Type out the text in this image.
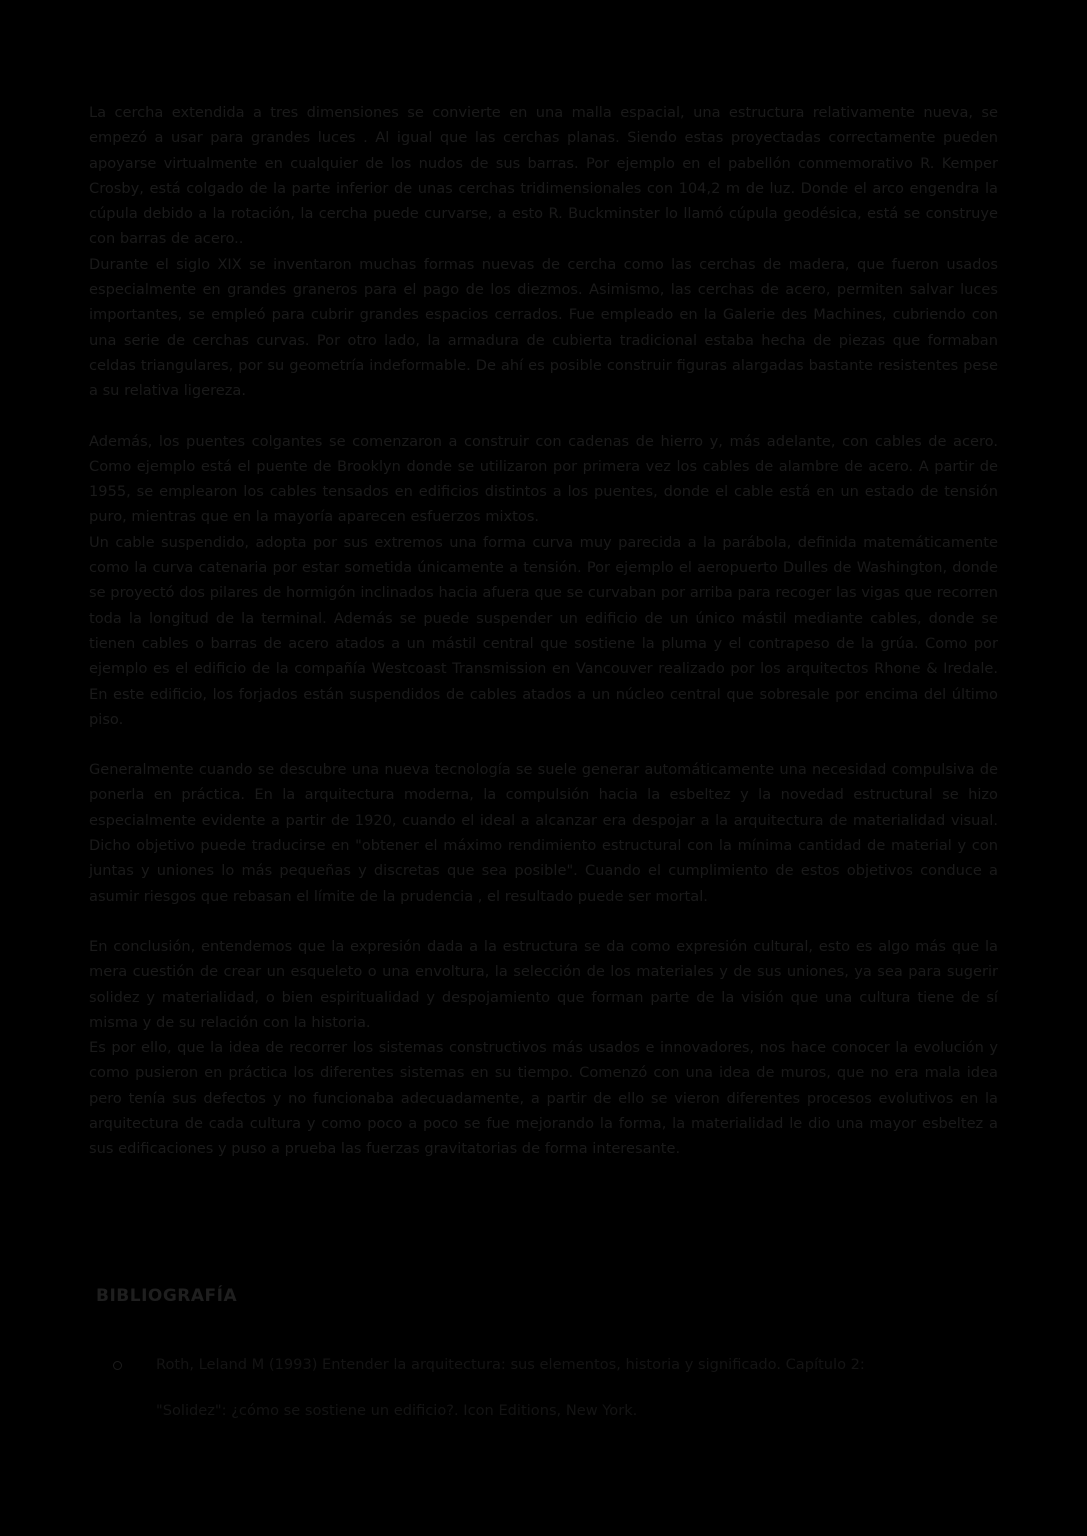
La cercha extendida a tres dimensiones se convierte en una malla espacial, una estructura relativamente nueva, se empezó a usar para grandes luces . Al igual que las cerchas planas. Siendo estas proyectadas correctamente pueden apoyarse virtualmente en cualquier de los nudos de sus barras. Por ejemplo en el pabellón conmemorativo R. Kemper Crosby, está colgado de la parte inferior de unas cerchas tridimensionales con 104,2 m de luz. Donde el arco engendra la cúpula debido a la rotación, la cercha puede curvarse, a esto R. Buckminster lo llamó cúpula geodésica, está se construye con barras de acero..

Durante el siglo XIX se inventaron muchas formas nuevas de cercha como las cerchas de madera, que fueron usados especialmente en grandes graneros para el pago de los diezmos. Asimismo, las cerchas de acero, permiten salvar luces importantes, se empleó para cubrir grandes espacios cerrados. Fue empleado en la Galerie des Machines, cubriendo con una serie de cerchas curvas. Por otro lado, la armadura de cubierta tradicional estaba hecha de piezas que formaban celdas triangulares, por su geometría indeformable. De ahí es posible construir figuras alargadas bastante resistentes pese a su relativa ligereza.

Además, los puentes colgantes se comenzaron a construir con cadenas de hierro y, más adelante, con cables de acero. Como ejemplo está el puente de Brooklyn donde se utilizaron por primera vez los cables de alambre de acero. A partir de 1955, se emplearon los cables tensados en edificios distintos a los puentes, donde el cable está en un estado de tensión puro, mientras que en la mayoría aparecen esfuerzos mixtos.

Un cable suspendido, adopta por sus extremos una forma curva muy parecida a la parábola, definida matemáticamente como la curva catenaria por estar sometida únicamente a tensión. Por ejemplo el aeropuerto Dulles de Washington, donde se proyectó dos pilares de hormigón inclinados hacia afuera que se curvaban por arriba para recoger las vigas que recorren toda la longitud de la terminal. Además se puede suspender un edificio de un único mástil mediante cables, donde se tienen cables o barras de acero atados a un mástil central que sostiene la pluma y el contrapeso de la grúa. Como por ejemplo es el edificio de la compañía Westcoast Transmission en Vancouver realizado por los arquitectos Rhone & Iredale. En este edificio, los forjados están suspendidos de cables atados a un núcleo central que sobresale por encima del último piso.

Generalmente cuando se descubre una nueva tecnología se suele generar automáticamente una necesidad compulsiva de ponerla en práctica. En la arquitectura moderna, la compulsión hacia la esbeltez y la novedad estructural se hizo especialmente evidente a partir de 1920, cuando el ideal a alcanzar era despojar a la arquitectura de materialidad visual. Dicho objetivo puede traducirse en "obtener el máximo rendimiento estructural con la mínima cantidad de material y con juntas y uniones lo más pequeñas y discretas que sea posible". Cuando el cumplimiento de estos objetivos conduce a asumir riesgos que rebasan el límite de la prudencia , el resultado puede ser mortal.

En conclusión, entendemos que la expresión dada a la estructura se da como expresión cultural, esto es algo más que la mera cuestión de crear un esqueleto o una envoltura, la selección de los materiales y de sus uniones, ya sea para sugerir solidez y materialidad, o bien espiritualidad y despojamiento que forman parte de la visión que una cultura tiene de sí misma y de su relación con la historia.

Es por ello, que la idea de recorrer los sistemas constructivos más usados e innovadores, nos hace conocer la evolución y como pusieron en práctica los diferentes sistemas en su tiempo. Comenzó con una idea de muros, que no era mala idea pero tenía sus defectos y no funcionaba adecuadamente, a partir de ello se vieron diferentes procesos evolutivos en la arquitectura de cada cultura y como poco a poco se fue mejorando la forma, la materialidad le dio una mayor esbeltez a sus edificaciones y puso a prueba las fuerzas gravitatorias de forma interesante.

BIBLIOGRAFÍA
Roth, Leland M (1993) Entender la arquitectura: sus elementos, historia y significado. Capítulo 2:
"Solidez": ¿cómo se sostiene un edificio?. Icon Editions, New York.
